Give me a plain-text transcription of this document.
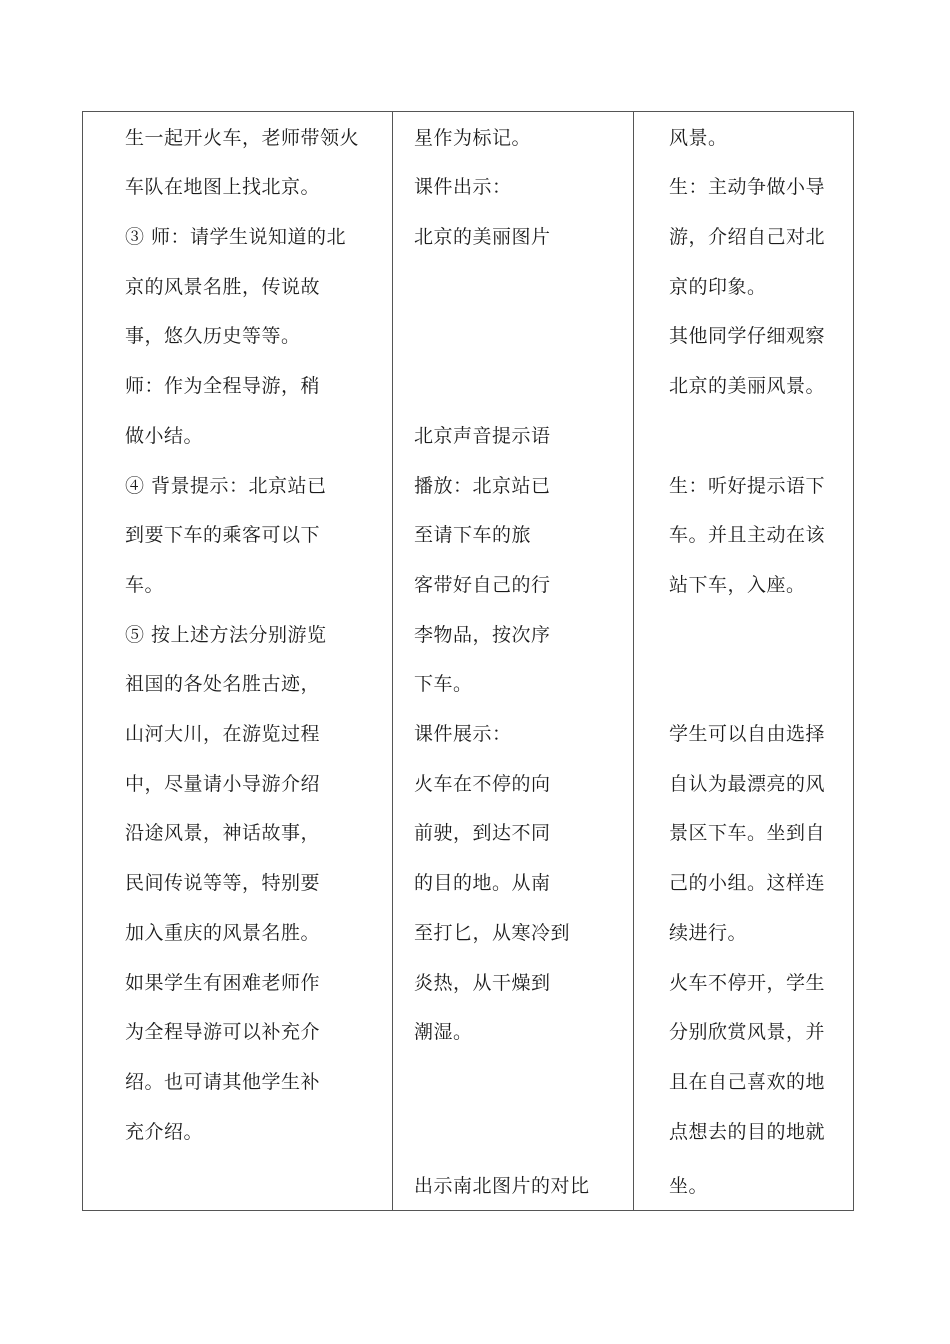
生一起开火车，老师带领火
车队在地图上找北京。
③ 师：请学生说知道的北
京的风景名胜，传说故
事，悠久历史等等。
师：作为全程导游，稍
做小结。
④ 背景提示：北京站已
到要下车的乘客可以下
车。
⑤ 按上述方法分别游览
祖国的各处名胜古迹，
山河大川，在游览过程
中，尽量请小导游介绍
沿途风景，神话故事，
民间传说等等，特别要
加入重庆的风景名胜。
如果学生有困难老师作
为全程导游可以补充介
绍。也可请其他学生补
充介绍。
星作为标记。
课件出示：
北京的美丽图片
北京声音提示语
播放：北京站已
至请下车的旅
客带好自己的行
李物品，按次序
下车。
课件展示：
火车在不停的向
前驶，到达不同
的目的地。从南
至打匕，从寒冷到
炎热，从干燥到
潮湿。
出示南北图片的对比
风景。
生：主动争做小导
游，介绍自己对北
京的印象。
其他同学仔细观察
北京的美丽风景。
生：听好提示语下
车。并且主动在该
站下车，入座。
学生可以自由选择
自认为最漂亮的风
景区下车。坐到自
己的小组。这样连
续进行。
火车不停开，学生
分别欣赏风景，并
且在自己喜欢的地
点想去的目的地就
坐。
